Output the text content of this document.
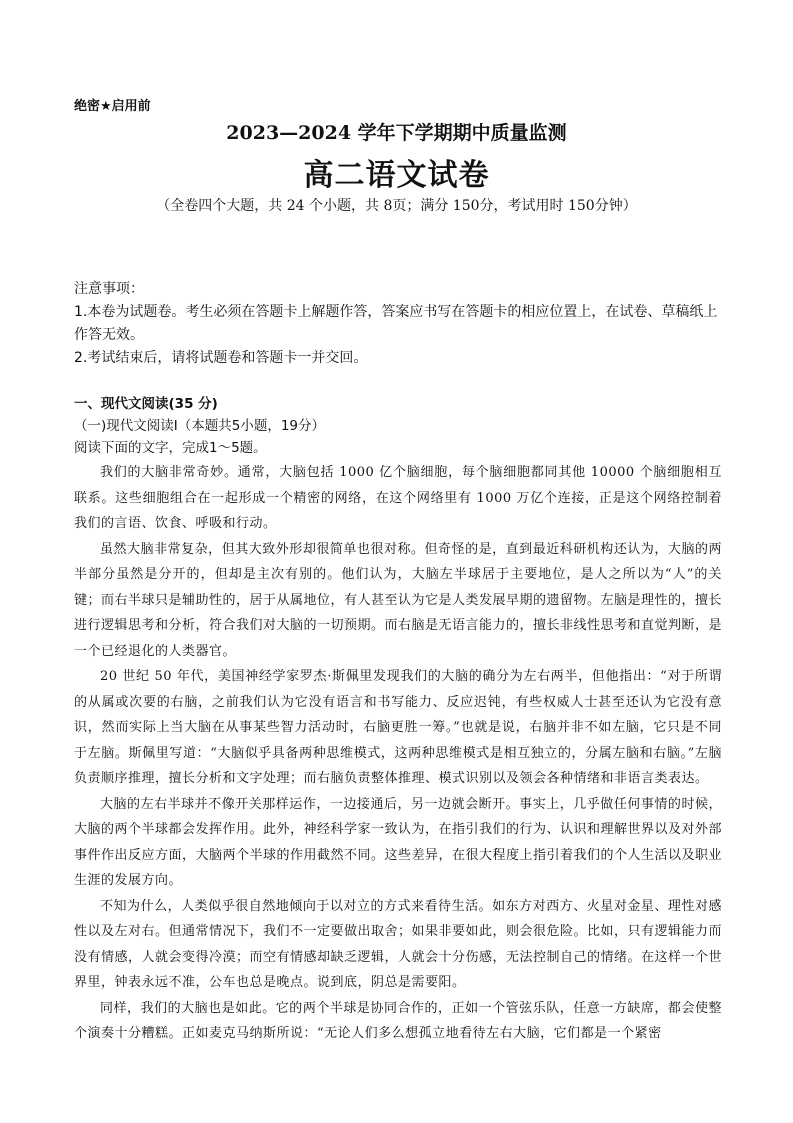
绝密★启用前
2023—2024 学年下学期期中质量监测
高二语文试卷
（全卷四个大题，共 24 个小题，共 8页；满分 150分，考试用时 150分钟）

注意事项：

1.本卷为试题卷。考生必须在答题卡上解题作答，答案应书写在答题卡的相应位置上，在试卷、草稿纸上作答无效。

2.考试结束后，请将试题卷和答题卡一并交回。

一、现代文阅读(35 分)
（一)现代文阅读Ⅰ（本题共5小题，19分）
阅读下面的文字，完成1～5题。

我们的大脑非常奇妙。通常，大脑包括 1000 亿个脑细胞，每个脑细胞都同其他 10000 个脑细胞相互联系。这些细胞组合在一起形成一个精密的网络，在这个网络里有 1000 万亿个连接，正是这个网络控制着我们的言语、饮食、呼吸和行动。

虽然大脑非常复杂，但其大致外形却很简单也很对称。但奇怪的是，直到最近科研机构还认为，大脑的两半部分虽然是分开的，但却是主次有别的。他们认为，大脑左半球居于主要地位，是人之所以为“人”的关键；而右半球只是辅助性的，居于从属地位，有人甚至认为它是人类发展早期的遗留物。左脑是理性的，擅长进行逻辑思考和分析，符合我们对大脑的一切预期。而右脑是无语言能力的，擅长非线性思考和直觉判断，是一个已经退化的人类器官。

20 世纪 50 年代，美国神经学家罗杰·斯佩里发现我们的大脑的确分为左右两半，但他指出：“对于所谓的从属或次要的右脑，之前我们认为它没有语言和书写能力、反应迟钝，有些权威人士甚至还认为它没有意识，然而实际上当大脑在从事某些智力活动时，右脑更胜一筹。”也就是说，右脑并非不如左脑，它只是不同于左脑。斯佩里写道：“大脑似乎具备两种思维模式，这两种思维模式是相互独立的，分属左脑和右脑。”左脑负责顺序推理，擅长分析和文字处理；而右脑负责整体推理、模式识别以及领会各种情绪和非语言类表达。

大脑的左右半球并不像开关那样运作，一边接通后，另一边就会断开。事实上，几乎做任何事情的时候，大脑的两个半球都会发挥作用。此外，神经科学家一致认为，在指引我们的行为、认识和理解世界以及对外部事件作出反应方面，大脑两个半球的作用截然不同。这些差异，在很大程度上指引着我们的个人生活以及职业生涯的发展方向。

不知为什么，人类似乎很自然地倾向于以对立的方式来看待生活。如东方对西方、火星对金星、理性对感性以及左对右。但通常情况下，我们不一定要做出取舍；如果非要如此，则会很危险。比如，只有逻辑能力而没有情感，人就会变得冷漠；而空有情感却缺乏逻辑，人就会十分伤感，无法控制自己的情绪。在这样一个世界里，钟表永远不准，公车也总是晚点。说到底，阴总是需要阳。

同样，我们的大脑也是如此。它的两个半球是协同合作的，正如一个管弦乐队，任意一方缺席，都会使整个演奏十分糟糕。正如麦克马纳斯所说：“无论人们多么想孤立地看待左右大脑，它们都是一个紧密
